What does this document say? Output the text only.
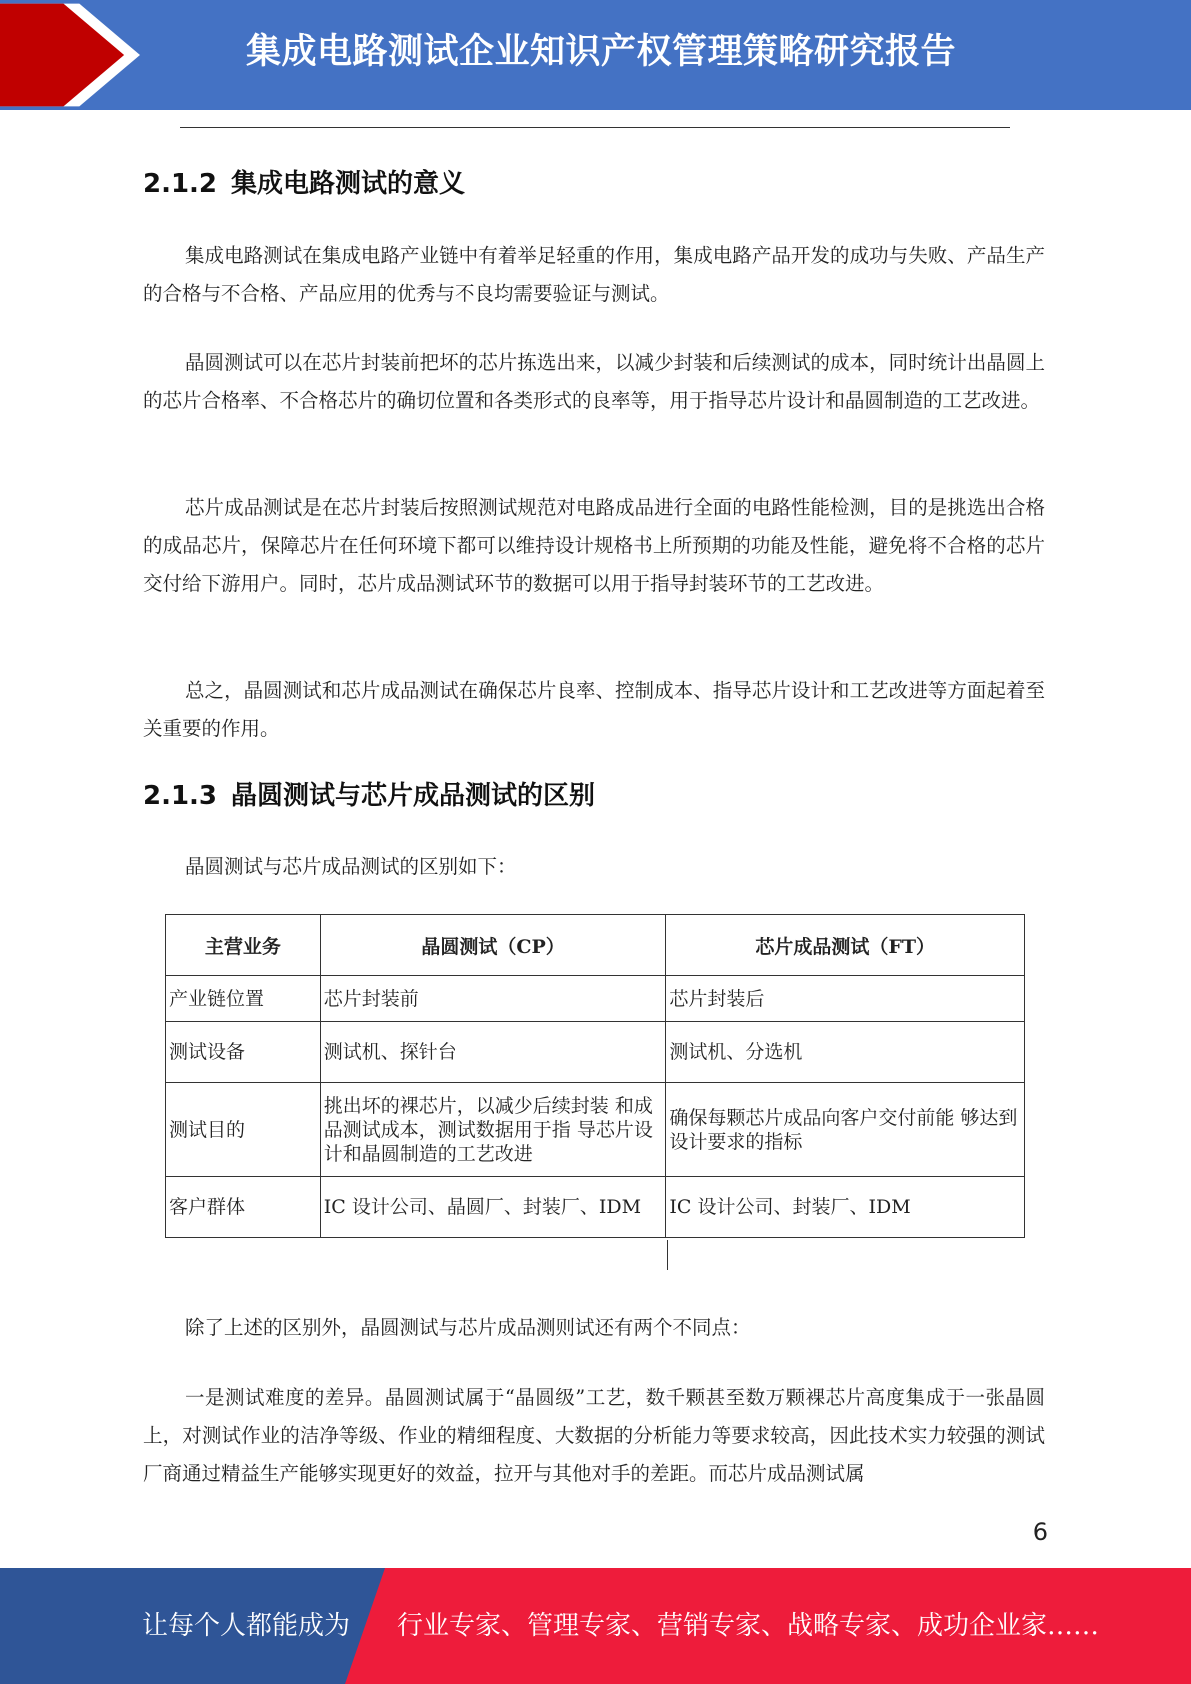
集成电路测试企业知识产权管理策略研究报告
2.1.2 集成电路测试的意义

集成电路测试在集成电路产业链中有着举足轻重的作用，集成电路产品开发的成功与失败、产品生产的合格与不合格、产品应用的优秀与不良均需要验证与测试。

晶圆测试可以在芯片封装前把坏的芯片拣选出来，以减少封装和后续测试的成本，同时统计出晶圆上的芯片合格率、不合格芯片的确切位置和各类形式的良率等，用于指导芯片设计和晶圆制造的工艺改进。

芯片成品测试是在芯片封装后按照测试规范对电路成品进行全面的电路性能检测，目的是挑选出合格的成品芯片，保障芯片在任何环境下都可以维持设计规格书上所预期的功能及性能，避免将不合格的芯片交付给下游用户。同时，芯片成品测试环节的数据可以用于指导封装环节的工艺改进。

总之，晶圆测试和芯片成品测试在确保芯片良率、控制成本、指导芯片设计和工艺改进等方面起着至关重要的作用。

2.1.3 晶圆测试与芯片成品测试的区别

晶圆测试与芯片成品测试的区别如下：

主营业务	晶圆测试（CP）	芯片成品测试（FT）
产业链位置	芯片封装前	芯片封装后
测试设备	测试机、探针台	测试机、分选机
测试目的	挑出坏的裸芯片，以减少后续封装 和成品测试成本，测试数据用于指 导芯片设计和晶圆制造的工艺改进	确保每颗芯片成品向客户交付前能 够达到设计要求的指标
客户群体	IC 设计公司、晶圆厂、封装厂、IDM	IC 设计公司、封装厂、IDM

除了上述的区别外，晶圆测试与芯片成品测则试还有两个不同点：

一是测试难度的差异。晶圆测试属于“晶圆级”工艺，数千颗甚至数万颗裸芯片高度集成于一张晶圆上，对测试作业的洁净等级、作业的精细程度、大数据的分析能力等要求较高，因此技术实力较强的测试厂商通过精益生产能够实现更好的效益，拉开与其他对手的差距。而芯片成品测试属

6
让每个人都能成为 行业专家、管理专家、营销专家、战略专家、成功企业家……
